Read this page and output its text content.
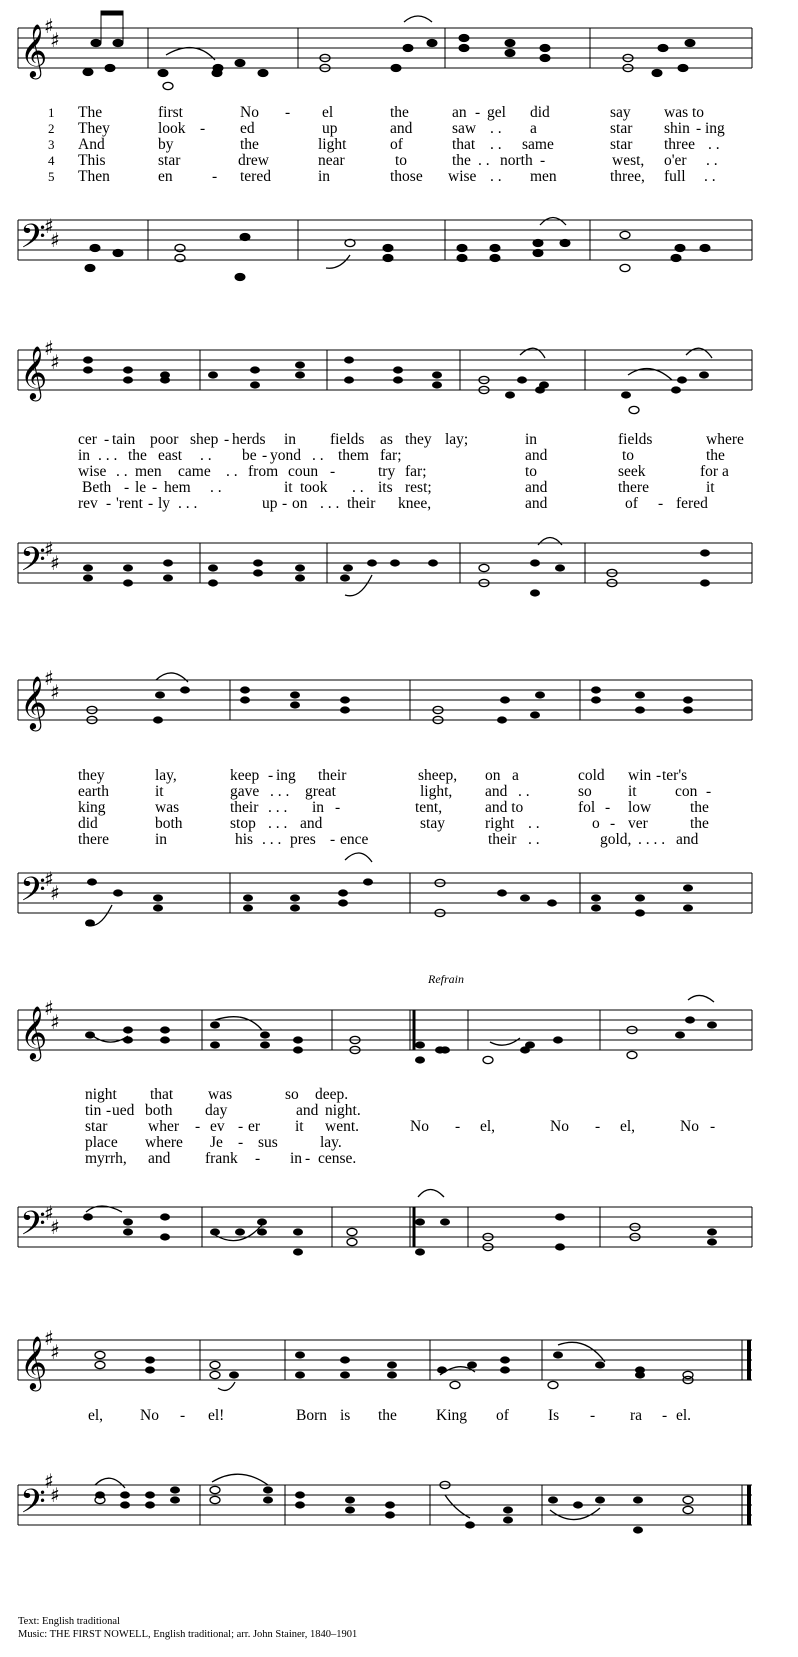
𝄞
𝄢
♯
♯
♯
♯
1
2
3
4
5
The	first	No - el	the	an - gel did	say was to
They	look - ed	up	and	saw . . a	star shin - ing
And	by	the	light	of	that . . same	star three . .
This	star	drew	near	to	the . . north -	west, o'er . .
Then	en	- tered	in	those wise . . men	three, full . .
𝄞
𝄢
♯
♯
♯
♯
cer - tain poor shep - herds in fields as they lay;	in	fields	where
in . . . the east . . be - yond . . them far;	and	to	the
wise . . men came . . from coun -	try far;	to	seek	for a
Beth - le - hem . .	it took . . its rest;	and	there	it
rev - 'rent - ly . . .	up - on . . . their knee,	and	of - fered
𝄞
𝄢
♯
♯
♯
♯
they	lay,	keep - ing their	sheep, on a	cold win - ter's
earth	it	gave . . . great	light, and . .	so it con -
king	was	their . . . in -	tent,	and to	fol - low	the
did	both	stop . . . and	stay	right . .	o - ver	the
there	in	his . . . pres - ence	their . .	gold, . . . . and
Refrain
𝄞
𝄢
♯
♯
♯
♯
night that was	so deep.
tin - ued both day	and night.
star	wher - ev - er it went.	No - el,	No - el,	No -
place where Je - sus	lay.
myrrh, and frank - in - cense.
𝄞
𝄢
♯
♯
♯
♯
el, No - el!	Born is the	King of	Is - ra - el.
Text: English traditional
Music: THE FIRST NOWELL, English traditional; arr. John Stainer, 1840–1901
